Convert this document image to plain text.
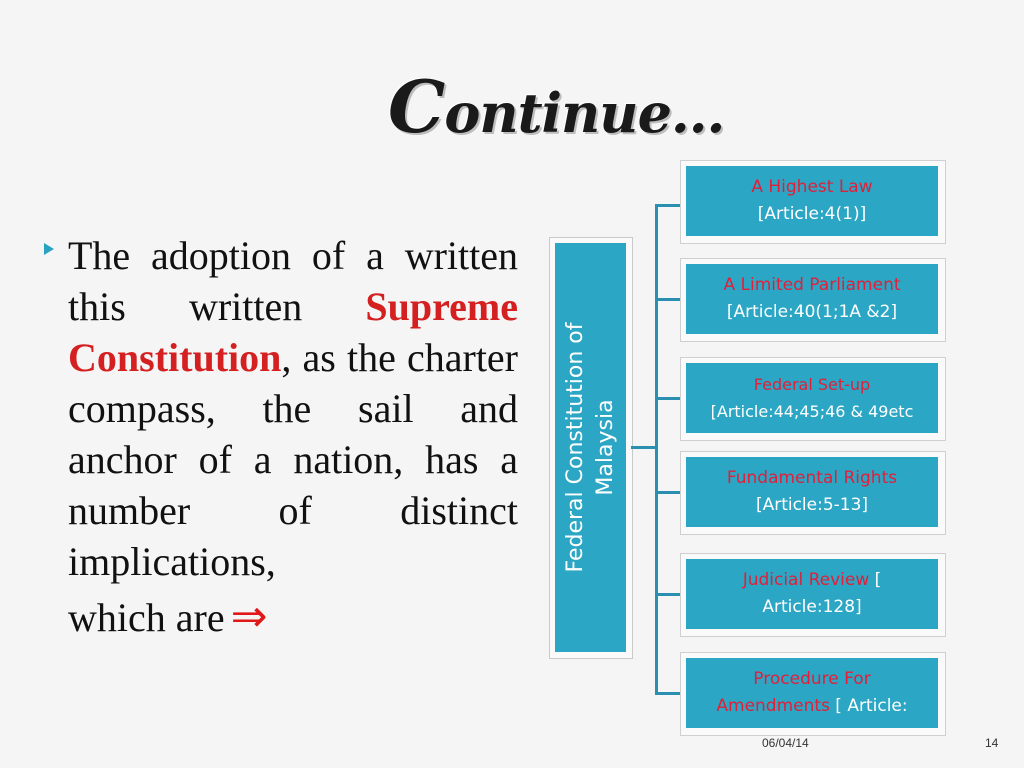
Continue...
The adoption of a written this written Supreme Constitution, as the charter compass, the sail and anchor of a nation, has a number of distinct implications,
which are ⇒
Federal Constitution of Malaysia
A Highest Law
[Article:4(1)]
A Limited Parliament
[Article:40(1;1A &2]
Federal Set-up
[Article:44;45;46 & 49etc
Fundamental Rights
[Article:5-13]
Judicial Review [
Article:128]
Procedure For
Amendments [ Article:
06/04/14	14
